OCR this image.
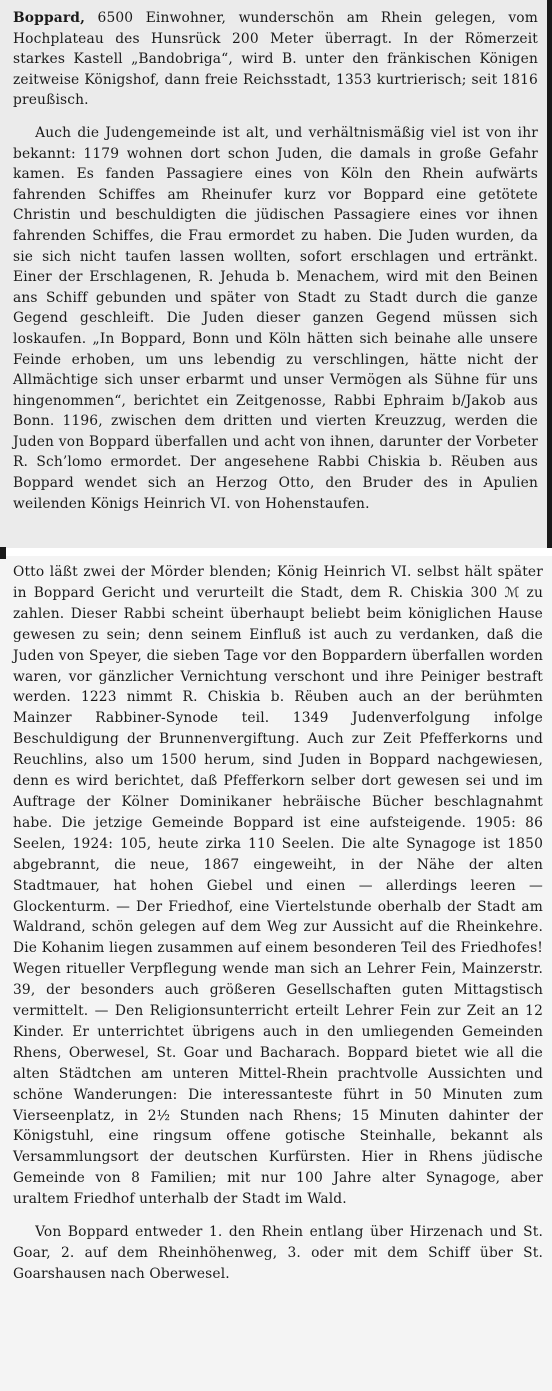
Boppard, 6500 Einwohner, wunderschön am Rhein gelegen, vom Hochplateau des Hunsrück 200 Meter überragt. In der Römerzeit starkes Kastell „Bandobriga“, wird B. unter den fränkischen Königen zeitweise Königshof, dann freie Reichsstadt, 1353 kurtrierisch; seit 1816 preußisch.

Auch die Judengemeinde ist alt, und verhältnismäßig viel ist von ihr bekannt: 1179 wohnen dort schon Juden, die damals in große Gefahr kamen. Es fanden Passagiere eines von Köln den Rhein aufwärts fahrenden Schiffes am Rheinufer kurz vor Boppard eine getötete Christin und beschuldigten die jüdischen Passagiere eines vor ihnen fahrenden Schiffes, die Frau ermordet zu haben. Die Juden wurden, da sie sich nicht taufen lassen wollten, sofort erschlagen und ertränkt. Einer der Erschlagenen, R. Jehuda b. Menachem, wird mit den Beinen ans Schiff gebunden und später von Stadt zu Stadt durch die ganze Gegend geschleift. Die Juden dieser ganzen Gegend müssen sich loskaufen. „In Boppard, Bonn und Köln hätten sich beinahe alle unsere Feinde erhoben, um uns lebendig zu verschlingen, hätte nicht der Allmächtige sich unser erbarmt und unser Vermögen als Sühne für uns hingenommen“, berichtet ein Zeitgenosse, Rabbi Ephraim b/Jakob aus Bonn. 1196, zwischen dem dritten und vierten Kreuzzug, werden die Juden von Boppard überfallen und acht von ihnen, darunter der Vorbeter R. Sch’lomo ermordet. Der angesehene Rabbi Chiskia b. Rëuben aus Boppard wendet sich an Herzog Otto, den Bruder des in Apulien weilenden Königs Heinrich VI. von Hohenstaufen.

Otto läßt zwei der Mörder blenden; König Heinrich VI. selbst hält später in Boppard Gericht und verurteilt die Stadt, dem R. Chiskia 300 ℳ zu zahlen. Dieser Rabbi scheint überhaupt beliebt beim königlichen Hause gewesen zu sein; denn seinem Einfluß ist auch zu verdanken, daß die Juden von Speyer, die sieben Tage vor den Boppardern überfallen worden waren, vor gänzlicher Vernichtung verschont und ihre Peiniger bestraft werden. 1223 nimmt R. Chiskia b. Rëuben auch an der berühmten Mainzer Rabbiner-Synode teil. 1349 Judenverfolgung infolge Beschuldigung der Brunnenvergiftung. Auch zur Zeit Pfefferkorns und Reuchlins, also um 1500 herum, sind Juden in Boppard nachgewiesen, denn es wird berichtet, daß Pfefferkorn selber dort gewesen sei und im Auftrage der Kölner Dominikaner hebräische Bücher beschlagnahmt habe. Die jetzige Gemeinde Boppard ist eine aufsteigende. 1905: 86 Seelen, 1924: 105, heute zirka 110 Seelen. Die alte Synagoge ist 1850 abgebrannt, die neue, 1867 eingeweiht, in der Nähe der alten Stadtmauer, hat hohen Giebel und einen — allerdings leeren — Glockenturm. — Der Friedhof, eine Viertelstunde oberhalb der Stadt am Waldrand, schön gelegen auf dem Weg zur Aussicht auf die Rheinkehre. Die Kohanim liegen zusammen auf einem besonderen Teil des Friedhofes! Wegen ritueller Verpflegung wende man sich an Lehrer Fein, Mainzerstr. 39, der besonders auch größeren Gesellschaften guten Mittagstisch vermittelt. — Den Religionsunterricht erteilt Lehrer Fein zur Zeit an 12 Kinder. Er unterrichtet übrigens auch in den umliegenden Gemeinden Rhens, Oberwesel, St. Goar und Bacharach. Boppard bietet wie all die alten Städtchen am unteren Mittel-Rhein prachtvolle Aussichten und schöne Wanderungen: Die interessanteste führt in 50 Minuten zum Vierseenplatz, in 2½ Stunden nach Rhens; 15 Minuten dahinter der Königstuhl, eine ringsum offene gotische Steinhalle, bekannt als Versammlungsort der deutschen Kurfürsten. Hier in Rhens jüdische Gemeinde von 8 Familien; mit nur 100 Jahre alter Synagoge, aber uraltem Friedhof unterhalb der Stadt im Wald.

Von Boppard entweder 1. den Rhein entlang über Hirzenach und St. Goar, 2. auf dem Rheinhöhenweg, 3. oder mit dem Schiff über St. Goarshausen nach Oberwesel.
